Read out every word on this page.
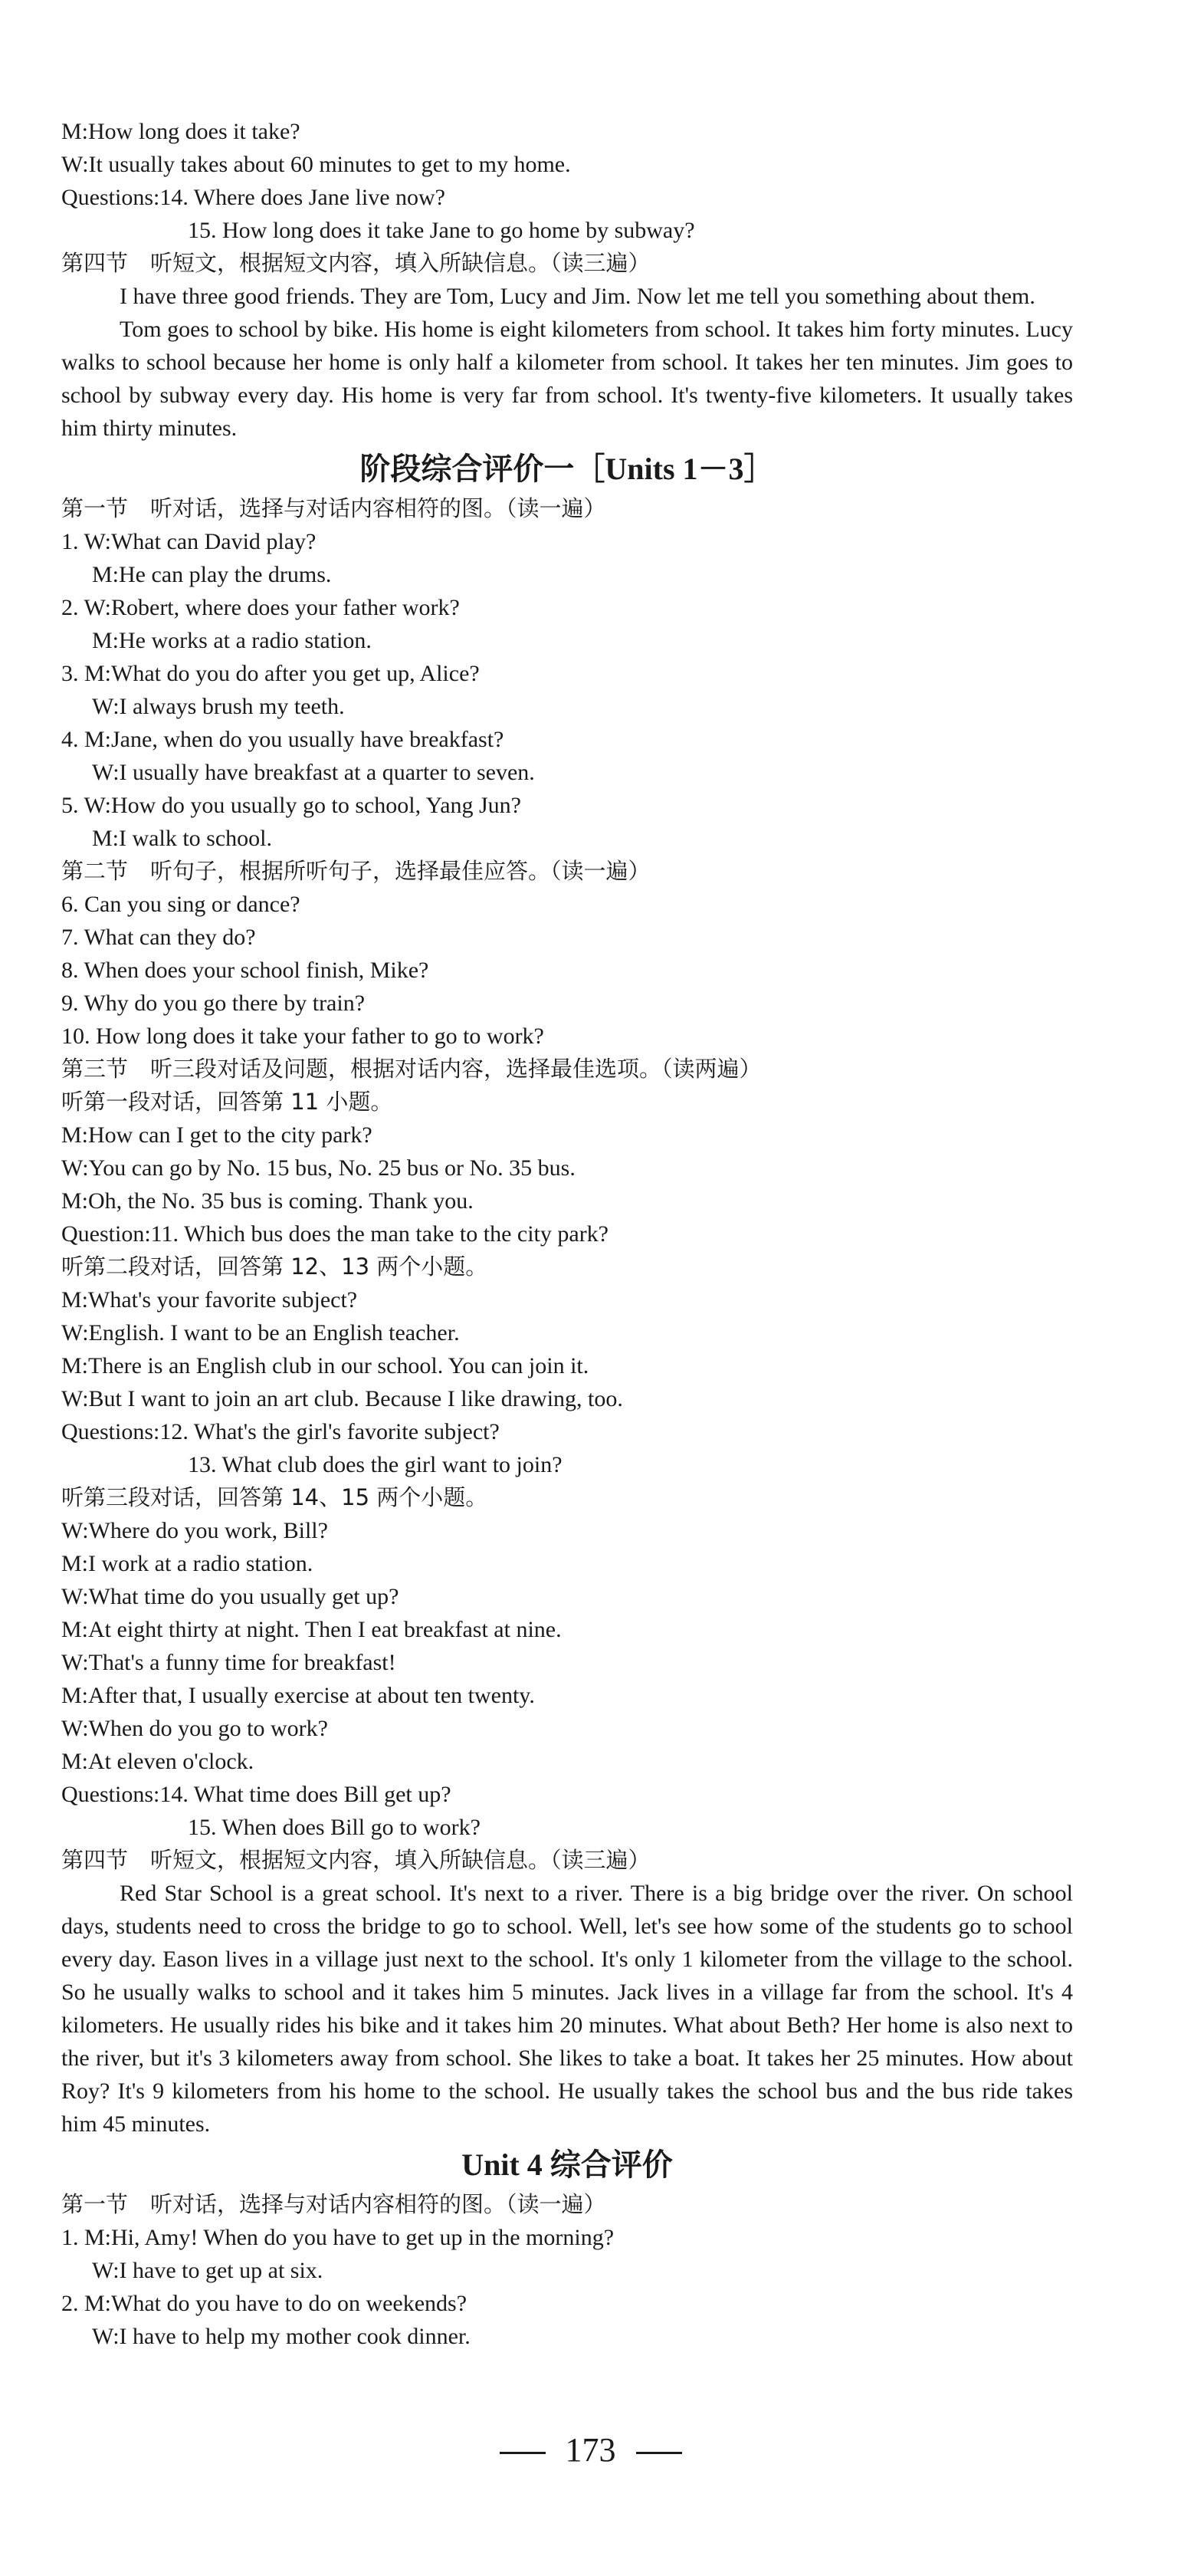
M:How long does it take?
W:It usually takes about 60 minutes to get to my home.
Questions:14. Where does Jane live now?
15. How long does it take Jane to go home by subway?
第四节　听短文，根据短文内容，填入所缺信息。（读三遍）
I have three good friends. They are Tom, Lucy and Jim. Now let me tell you something about them.
Tom goes to school by bike. His home is eight kilometers from school. It takes him forty minutes. Lucy walks to school because her home is only half a kilometer from school. It takes her ten minutes. Jim goes to school by subway every day. His home is very far from school. It's twenty-five kilometers. It usually takes him thirty minutes.
阶段综合评价一［Units 1－3］
第一节　听对话，选择与对话内容相符的图。（读一遍）
1. W:What can David play?
M:He can play the drums.
2. W:Robert, where does your father work?
M:He works at a radio station.
3. M:What do you do after you get up, Alice?
W:I always brush my teeth.
4. M:Jane, when do you usually have breakfast?
W:I usually have breakfast at a quarter to seven.
5. W:How do you usually go to school, Yang Jun?
M:I walk to school.
第二节　听句子，根据所听句子，选择最佳应答。（读一遍）
6. Can you sing or dance?
7. What can they do?
8. When does your school finish, Mike?
9. Why do you go there by train?
10. How long does it take your father to go to work?
第三节　听三段对话及问题，根据对话内容，选择最佳选项。（读两遍）
听第一段对话，回答第 11 小题。
M:How can I get to the city park?
W:You can go by No. 15 bus, No. 25 bus or No. 35 bus.
M:Oh, the No. 35 bus is coming. Thank you.
Question:11. Which bus does the man take to the city park?
听第二段对话，回答第 12、13 两个小题。
M:What's your favorite subject?
W:English. I want to be an English teacher.
M:There is an English club in our school. You can join it.
W:But I want to join an art club. Because I like drawing, too.
Questions:12. What's the girl's favorite subject?
13. What club does the girl want to join?
听第三段对话，回答第 14、15 两个小题。
W:Where do you work, Bill?
M:I work at a radio station.
W:What time do you usually get up?
M:At eight thirty at night. Then I eat breakfast at nine.
W:That's a funny time for breakfast!
M:After that, I usually exercise at about ten twenty.
W:When do you go to work?
M:At eleven o'clock.
Questions:14. What time does Bill get up?
15. When does Bill go to work?
第四节　听短文，根据短文内容，填入所缺信息。（读三遍）
Red Star School is a great school. It's next to a river. There is a big bridge over the river. On school days, students need to cross the bridge to go to school. Well, let's see how some of the students go to school every day. Eason lives in a village just next to the school. It's only 1 kilometer from the village to the school. So he usually walks to school and it takes him 5 minutes. Jack lives in a village far from the school. It's 4 kilometers. He usually rides his bike and it takes him 20 minutes. What about Beth? Her home is also next to the river, but it's 3 kilometers away from school. She likes to take a boat. It takes her 25 minutes. How about Roy? It's 9 kilometers from his home to the school. He usually takes the school bus and the bus ride takes him 45 minutes.
Unit 4 综合评价
第一节　听对话，选择与对话内容相符的图。（读一遍）
1. M:Hi, Amy! When do you have to get up in the morning?
W:I have to get up at six.
2. M:What do you have to do on weekends?
W:I have to help my mother cook dinner.
173
